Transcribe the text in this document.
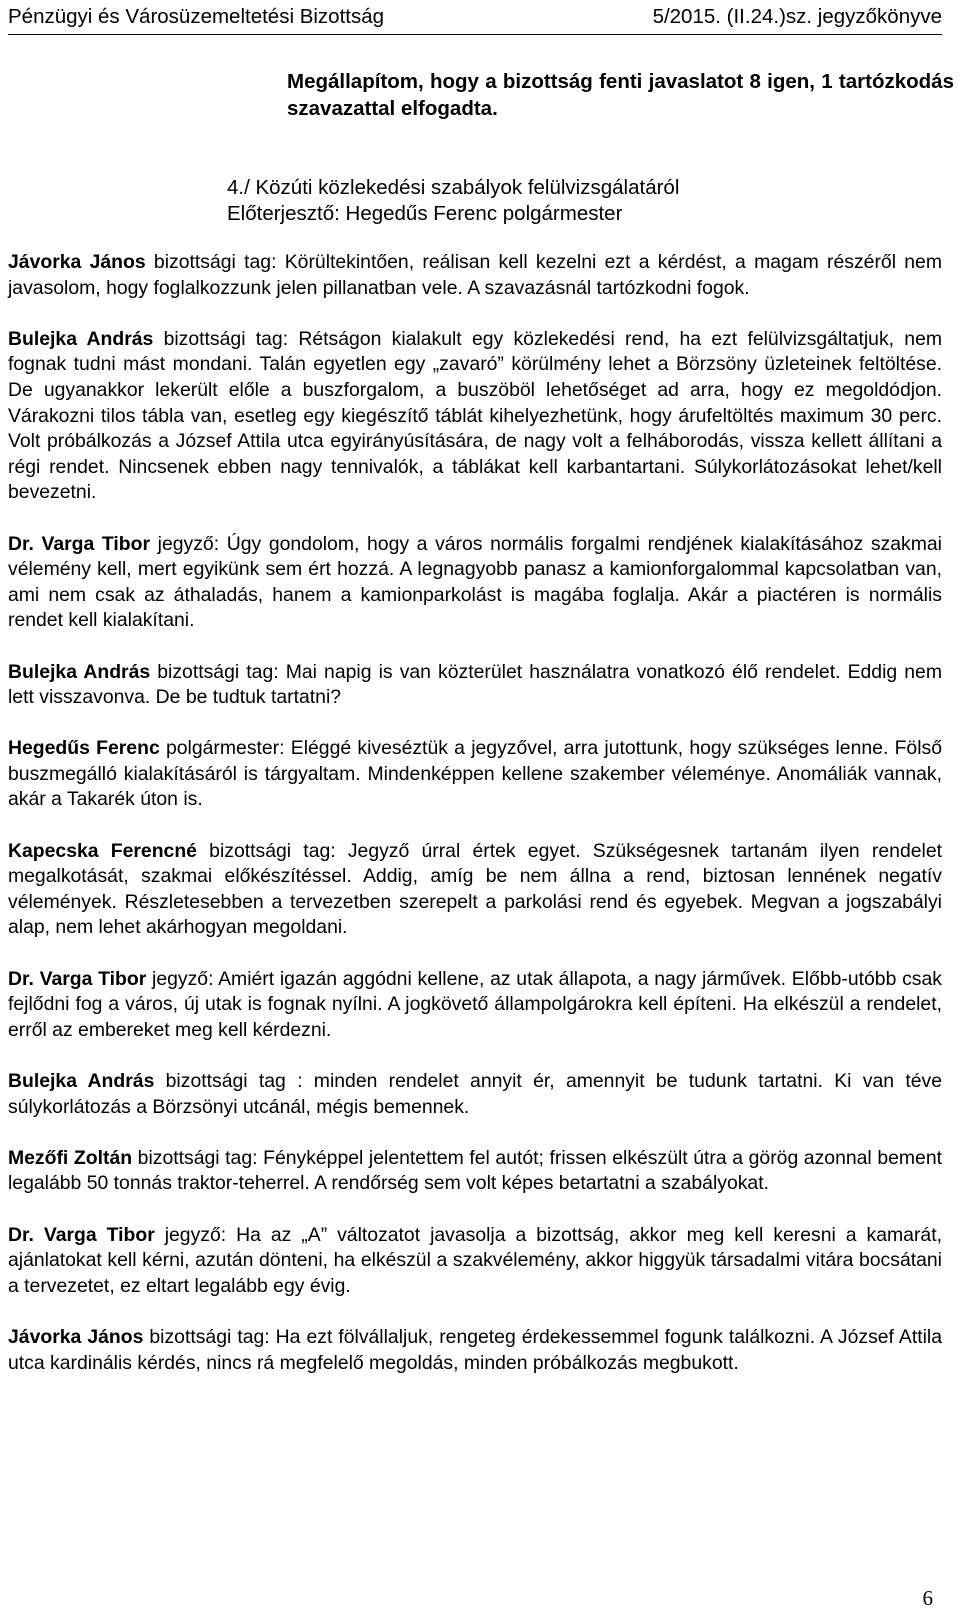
Pénzügyi és Városüzemeltetési Bizottság	5/2015. (II.24.)sz. jegyzőkönyve
Megállapítom, hogy a bizottság fenti javaslatot 8 igen, 1 tartózkodás szavazattal elfogadta.
4./ Közúti közlekedési szabályok felülvizsgálatáról
Előterjesztő: Hegedűs Ferenc polgármester

Jávorka János bizottsági tag: Körültekintően, reálisan kell kezelni ezt a kérdést, a magam részéről nem javasolom, hogy foglalkozzunk jelen pillanatban vele. A szavazásnál tartózkodni fogok.

Bulejka András bizottsági tag: Rétságon kialakult egy közlekedési rend, ha ezt felülvizsgáltatjuk, nem fognak tudni mást mondani. Talán egyetlen egy „zavaró” körülmény lehet a Börzsöny üzleteinek feltöltése. De ugyanakkor lekerült előle a buszforgalom, a buszöböl lehetőséget ad arra, hogy ez megoldódjon. Várakozni tilos tábla van, esetleg egy kiegészítő táblát kihelyezhetünk, hogy árufeltöltés maximum 30 perc. Volt próbálkozás a József Attila utca egyirányúsítására, de nagy volt a felháborodás, vissza kellett állítani a régi rendet. Nincsenek ebben nagy tennivalók, a táblákat kell karbantartani. Súlykorlátozásokat lehet/kell bevezetni.

Dr. Varga Tibor jegyző: Úgy gondolom, hogy a város normális forgalmi rendjének kialakításához szakmai vélemény kell, mert egyikünk sem ért hozzá. A legnagyobb panasz a kamionforgalommal kapcsolatban van, ami nem csak az áthaladás, hanem a kamionparkolást is magába foglalja. Akár a piactéren is normális rendet kell kialakítani.

Bulejka András bizottsági tag: Mai napig is van közterület használatra vonatkozó élő rendelet. Eddig nem lett visszavonva. De be tudtuk tartatni?

Hegedűs Ferenc polgármester: Eléggé kiveséztük a jegyzővel, arra jutottunk, hogy szükséges lenne. Fölső buszmegálló kialakításáról is tárgyaltam. Mindenképpen kellene szakember véleménye. Anomáliák vannak, akár a Takarék úton is.

Kapecska Ferencné bizottsági tag: Jegyző úrral értek egyet. Szükségesnek tartanám ilyen rendelet megalkotását, szakmai előkészítéssel. Addig, amíg be nem állna a rend, biztosan lennének negatív vélemények. Részletesebben a tervezetben szerepelt a parkolási rend és egyebek. Megvan a jogszabályi alap, nem lehet akárhogyan megoldani.

Dr. Varga Tibor jegyző: Amiért igazán aggódni kellene, az utak állapota, a nagy járművek. Előbb-utóbb csak fejlődni fog a város, új utak is fognak nyílni. A jogkövető állampolgárokra kell építeni. Ha elkészül a rendelet, erről az embereket meg kell kérdezni.

Bulejka András bizottsági tag : minden rendelet annyit ér, amennyit be tudunk tartatni. Ki van téve súlykorlátozás a Börzsönyi utcánál, mégis bemennek.

Mezőfi Zoltán bizottsági tag: Fényképpel jelentettem fel autót; frissen elkészült útra a görög azonnal bement legalább 50 tonnás traktor-teherrel. A rendőrség sem volt képes betartatni a szabályokat.

Dr. Varga Tibor jegyző: Ha az „A” változatot javasolja a bizottság, akkor meg kell keresni a kamarát, ajánlatokat kell kérni, azután dönteni, ha elkészül a szakvélemény, akkor higgyük társadalmi vitára bocsátani a tervezetet, ez eltart legalább egy évig.

Jávorka János bizottsági tag: Ha ezt fölvállaljuk, rengeteg érdekessemmel fogunk találkozni. A József Attila utca kardinális kérdés, nincs rá megfelelő megoldás, minden próbálkozás megbukott.

6
